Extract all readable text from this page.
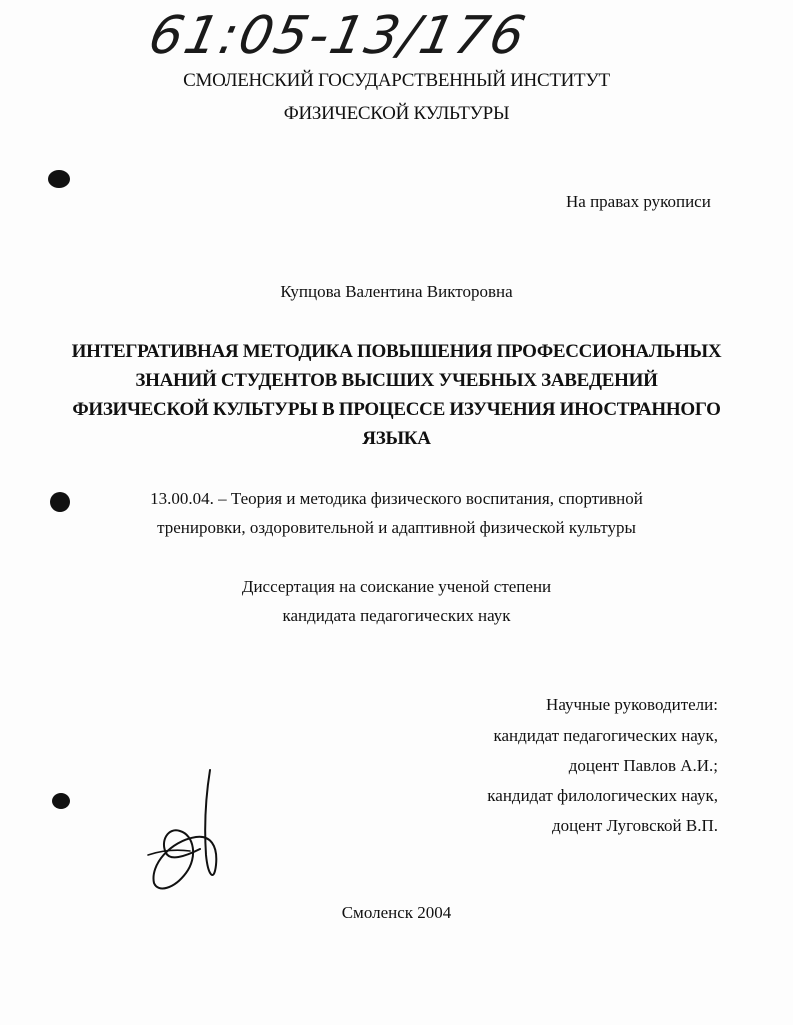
61:05-13/176
СМОЛЕНСКИЙ ГОСУДАРСТВЕННЫЙ ИНСТИТУТ
ФИЗИЧЕСКОЙ КУЛЬТУРЫ
На правах рукописи
Купцова Валентина Викторовна
ИНТЕГРАТИВНАЯ МЕТОДИКА ПОВЫШЕНИЯ ПРОФЕССИОНАЛЬНЫХ
ЗНАНИЙ СТУДЕНТОВ ВЫСШИХ УЧЕБНЫХ ЗАВЕДЕНИЙ
ФИЗИЧЕСКОЙ КУЛЬТУРЫ В ПРОЦЕССЕ ИЗУЧЕНИЯ ИНОСТРАННОГО
ЯЗЫКА
13.00.04. – Теория и методика физического воспитания, спортивной
тренировки, оздоровительной и адаптивной физической культуры
Диссертация на соискание ученой степени
кандидата педагогических наук
Научные руководители:
кандидат педагогических наук,
доцент Павлов А.И.;
кандидат филологических наук,
доцент Луговской В.П.
Смоленск 2004
